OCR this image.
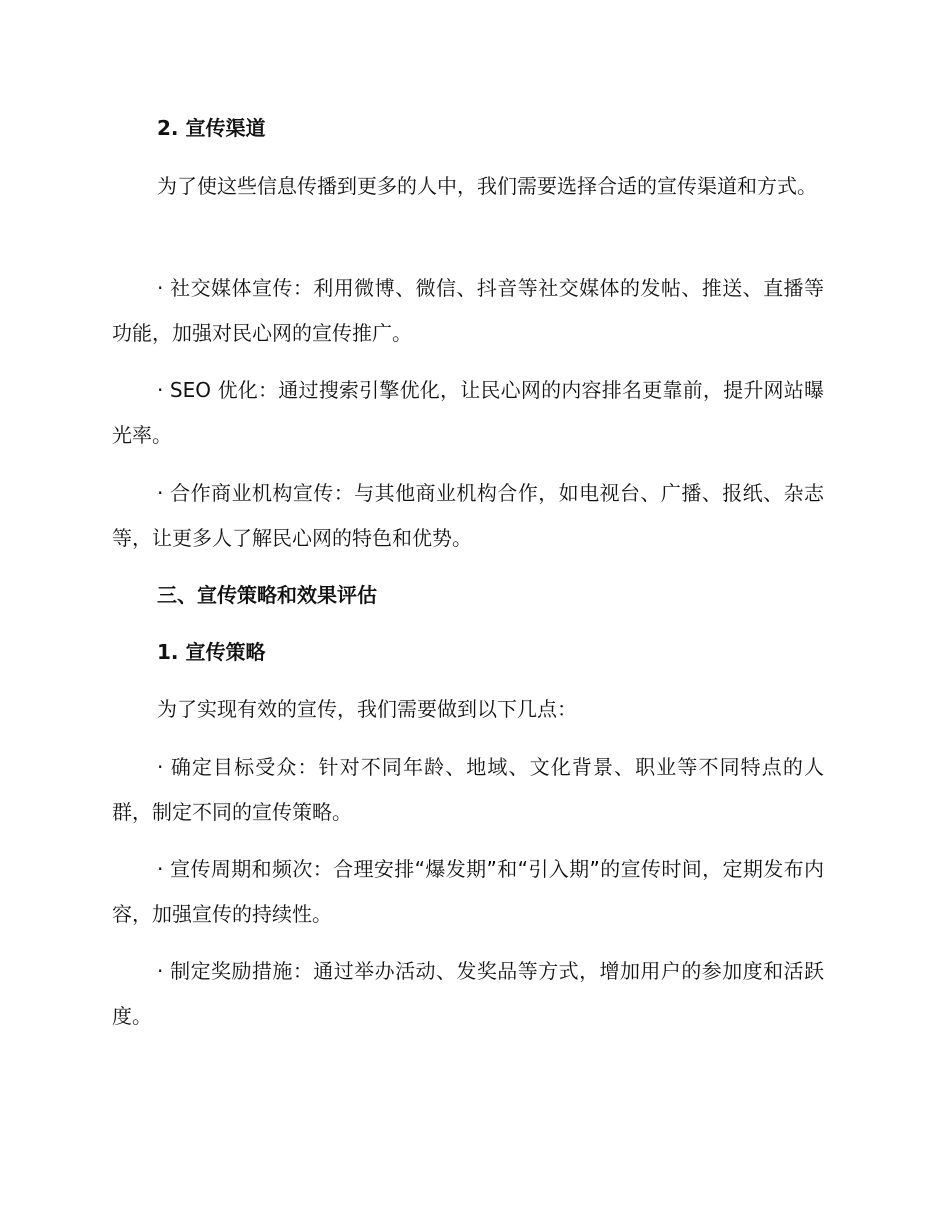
2. 宣传渠道

为了使这些信息传播到更多的人中，我们需要选择合适的宣传渠道和方式。

· 社交媒体宣传：利用微博、微信、抖音等社交媒体的发帖、推送、直播等功能，加强对民心网的宣传推广。

· SEO 优化：通过搜索引擎优化，让民心网的内容排名更靠前，提升网站曝光率。

· 合作商业机构宣传：与其他商业机构合作，如电视台、广播、报纸、杂志等，让更多人了解民心网的特色和优势。

三、宣传策略和效果评估

1. 宣传策略

为了实现有效的宣传，我们需要做到以下几点：

· 确定目标受众：针对不同年龄、地域、文化背景、职业等不同特点的人群，制定不同的宣传策略。

· 宣传周期和频次：合理安排“爆发期”和“引入期”的宣传时间，定期发布内容，加强宣传的持续性。

· 制定奖励措施：通过举办活动、发奖品等方式，增加用户的参加度和活跃度。
